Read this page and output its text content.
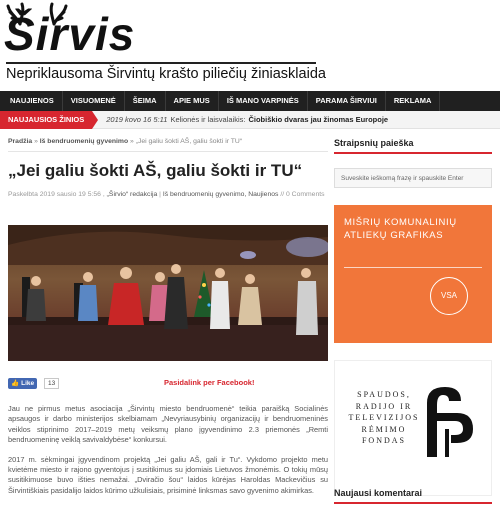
Širvis
Nepriklausoma Širvintų krašto piliečių žiniasklaida
NAUJIENOS	VISUOMENĖ	ŠEIMA	APIE MUS	IŠ MANO VARPINĖS	PARAMA ŠIRVIUI	REKLAMA
NAUJAUSIOS ŽINIOS	2019 kovo 16 5:11 Kelionės ir laisvalaikis: Čiobiškio dvaras jau žinomas Europoje
Pradžia » Iš bendruomenių gyvenimo » „Jei galiu šokti AŠ, galiu šokti ir TU“
„Jei galiu šokti AŠ, galiu šokti ir TU“
Paskelbta 2019 sausio 19 5:56 , „Širvio“ redakcija | Iš bendruomenių gyvenimo, Naujienos // 0 Comments
👍 Like	13	Pasidalink per Facebook!

Jau ne pirmus metus asociacija „Širvintų miesto bendruomenė“ teikia paraišką Socialinės apsaugos ir darbo ministerijos skelbiamam „Nevyriausybinių organizacijų ir bendruomeninės veiklos stiprinimo 2017–2019 metų veiksmų plano įgyvendinimo 2.3 priemonės „Remti bendruomeninę veiklą savivaldybėse“ konkursui.

2017 m. sėkmingai įgyvendinom projektą „Jei galiu AŠ, gali ir Tu“. Vykdomo projekto metu kvietėme miesto ir rajono gyventojus į susitikimus su įdomiais Lietuvos žmonėmis. O tokių mūsų susitikimuose buvo išties nemažai. „Dviračio šou“ laidos kūrėjas Haroldas Mackevičius su Širvintiškiais pasidalijo laidos kūrimo užkulisiais, prisiminė linksmas savo gyvenimo akimirkas.

Straipsnių paieška
Suveskite ieškomą frazę ir spauskite Enter
MIŠRIŲ KOMUNALINIŲ ATLIEKŲ GRAFIKAS
VSA
SPAUDOS, RADIJO IR TELEVIZIJOS RĖMIMO FONDAS
Naujausi komentarai
